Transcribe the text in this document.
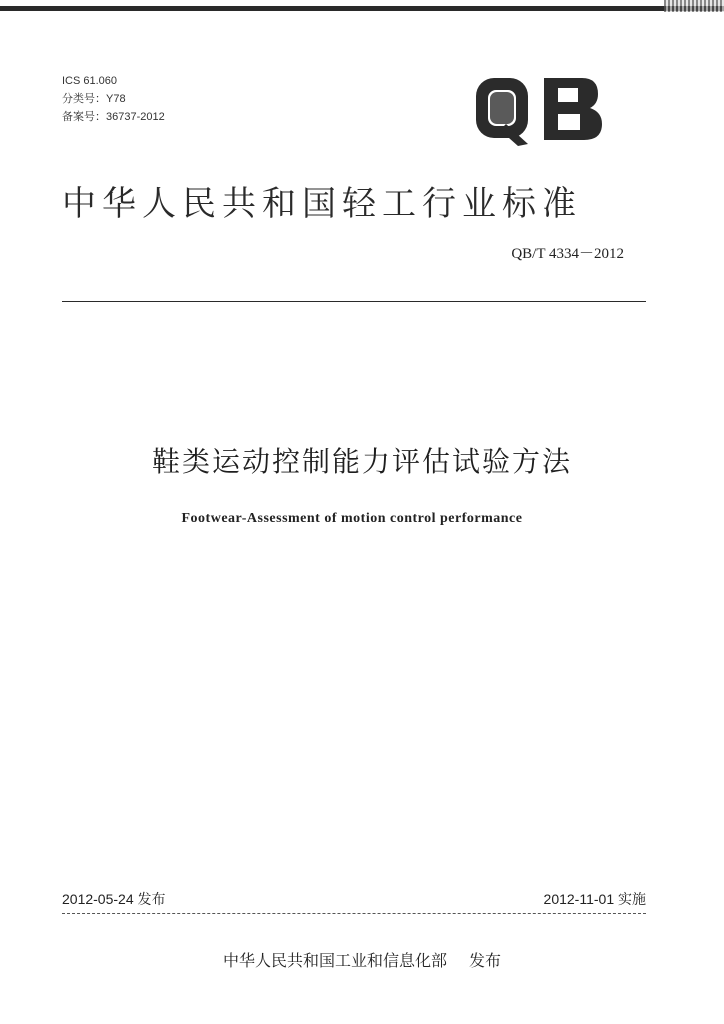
ICS 61.060
分类号：Y78
备案号：36737-2012
中华人民共和国轻工行业标准
QB/T 4334－2012
鞋类运动控制能力评估试验方法
Footwear-Assessment of motion control performance
2012-05-24 发布	2012-11-01 实施
中华人民共和国工业和信息化部 发布
